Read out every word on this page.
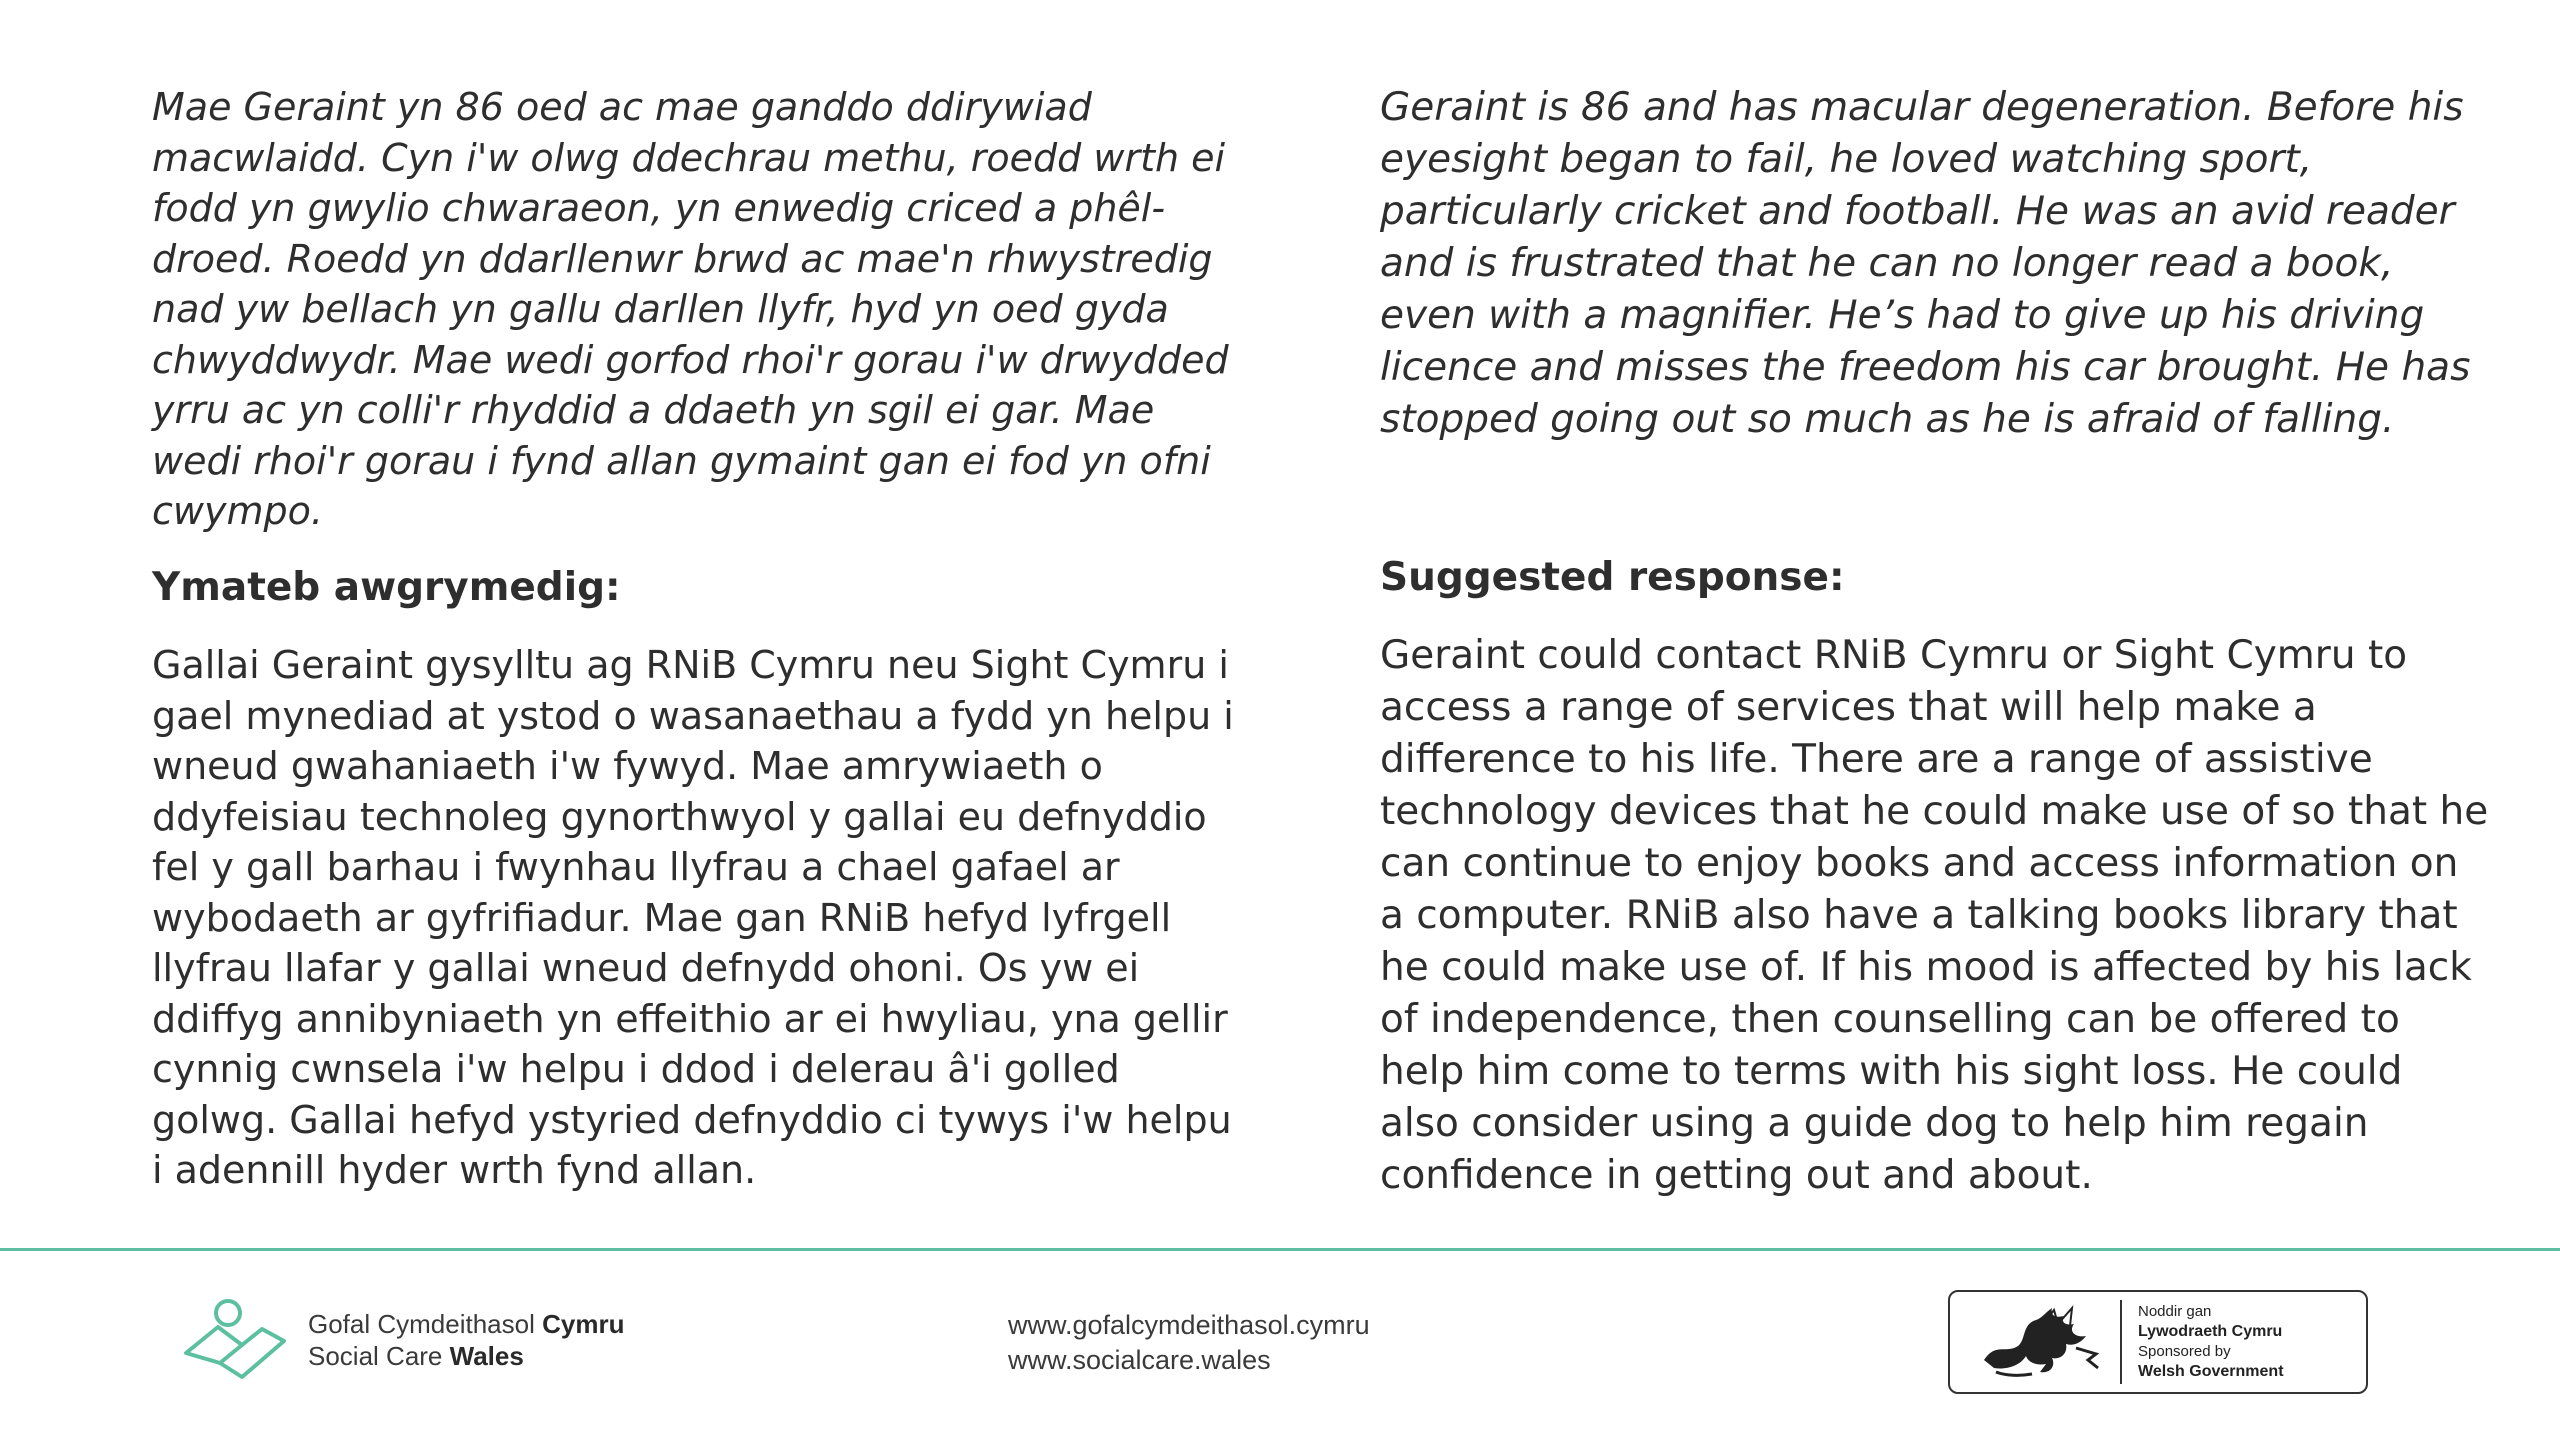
Mae Geraint yn 86 oed ac mae ganddo ddirywiad macwlaidd. Cyn i'w olwg ddechrau methu, roedd wrth ei fodd yn gwylio chwaraeon, yn enwedig criced a phêl-droed. Roedd yn ddarllenwr brwd ac mae'n rhwystredig nad yw bellach yn gallu darllen llyfr, hyd yn oed gyda chwyddwydr. Mae wedi gorfod rhoi'r gorau i'w drwydded yrru ac yn colli'r rhyddid a ddaeth yn sgil ei gar. Mae wedi rhoi'r gorau i fynd allan gymaint gan ei fod yn ofni cwympo.

Ymateb awgrymedig:

Gallai Geraint gysylltu ag RNiB Cymru neu Sight Cymru i gael mynediad at ystod o wasanaethau a fydd yn helpu i wneud gwahaniaeth i'w fywyd. Mae amrywiaeth o ddyfeisiau technoleg gynorthwyol y gallai eu defnyddio fel y gall barhau i fwynhau llyfrau a chael gafael ar wybodaeth ar gyfrifiadur. Mae gan RNiB hefyd lyfrgell llyfrau llafar y gallai wneud defnydd ohoni. Os yw ei ddiffyg annibyniaeth yn effeithio ar ei hwyliau, yna gellir cynnig cwnsela i'w helpu i ddod i delerau â'i golled golwg. Gallai hefyd ystyried defnyddio ci tywys i'w helpu i adennill hyder wrth fynd allan.

Geraint is 86 and has macular degeneration. Before his eyesight began to fail, he loved watching sport, particularly cricket and football. He was an avid reader and is frustrated that he can no longer read a book, even with a magnifier. He’s had to give up his driving licence and misses the freedom his car brought. He has stopped going out so much as he is afraid of falling.

Suggested response:

Geraint could contact RNiB Cymru or Sight Cymru to access a range of services that will help make a difference to his life. There are a range of assistive technology devices that he could make use of so that he can continue to enjoy books and access information on a computer. RNiB also have a talking books library that he could make use of. If his mood is affected by his lack of independence, then counselling can be offered to help him come to terms with his sight loss. He could also consider using a guide dog to help him regain confidence in getting out and about.

Gofal Cymdeithasol Cymru
Social Care Wales
www.gofalcymdeithasol.cymru
www.socialcare.wales
Noddir gan
Lywodraeth Cymru
Sponsored by
Welsh Government
